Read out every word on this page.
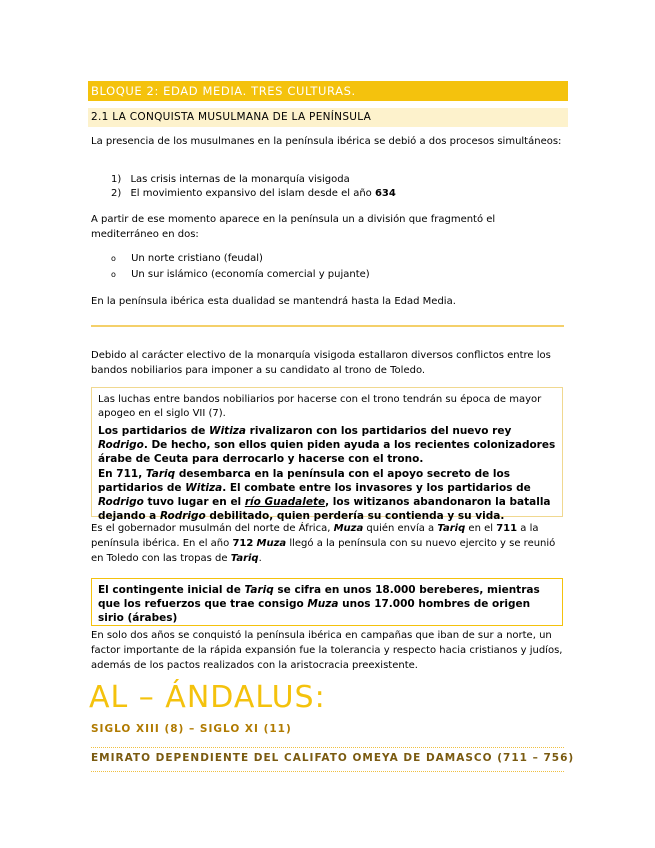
BLOQUE 2: EDAD MEDIA. TRES CULTURAS.
2.1 LA CONQUISTA MUSULMANA DE LA PENÍNSULA
La presencia de los musulmanes en la península ibérica se debió a dos procesos simultáneos:
1) Las crisis internas de la monarquía visigoda
2) El movimiento expansivo del islam desde el año 634
A partir de ese momento aparece en la península un a división que fragmentó el mediterráneo en dos:
o Un norte cristiano (feudal)
o Un sur islámico (economía comercial y pujante)
En la península ibérica esta dualidad se mantendrá hasta la Edad Media.
Debido al carácter electivo de la monarquía visigoda estallaron diversos conflictos entre los bandos nobiliarios para imponer a su candidato al trono de Toledo.
Las luchas entre bandos nobiliarios por hacerse con el trono tendrán su época de mayor apogeo en el siglo VII (7).
Los partidarios de Witiza rivalizaron con los partidarios del nuevo rey Rodrigo. De hecho, son ellos quien piden ayuda a los recientes colonizadores árabe de Ceuta para derrocarlo y hacerse con el trono.
En 711, Tariq desembarca en la península con el apoyo secreto de los partidarios de Witiza. El combate entre los invasores y los partidarios de Rodrigo tuvo lugar en el río Guadalete, los witizanos abandonaron la batalla dejando a Rodrigo debilitado, quien perdería su contienda y su vida.
Es el gobernador musulmán del norte de África, Muza quién envía a Tariq en el 711 a la península ibérica. En el año 712 Muza llegó a la península con su nuevo ejercito y se reunió en Toledo con las tropas de Tariq.
El contingente inicial de Tariq se cifra en unos 18.000 bereberes, mientras que los refuerzos que trae consigo Muza unos 17.000 hombres de origen sirio (árabes)
En solo dos años se conquistó la península ibérica en campañas que iban de sur a norte, un factor importante de la rápida expansión fue la tolerancia y respecto hacia cristianos y judíos, además de los pactos realizados con la aristocracia preexistente.
AL – ÁNDALUS:
SIGLO XIII (8) – SIGLO XI (11)
EMIRATO DEPENDIENTE DEL CALIFATO OMEYA DE DAMASCO (711 – 756)
